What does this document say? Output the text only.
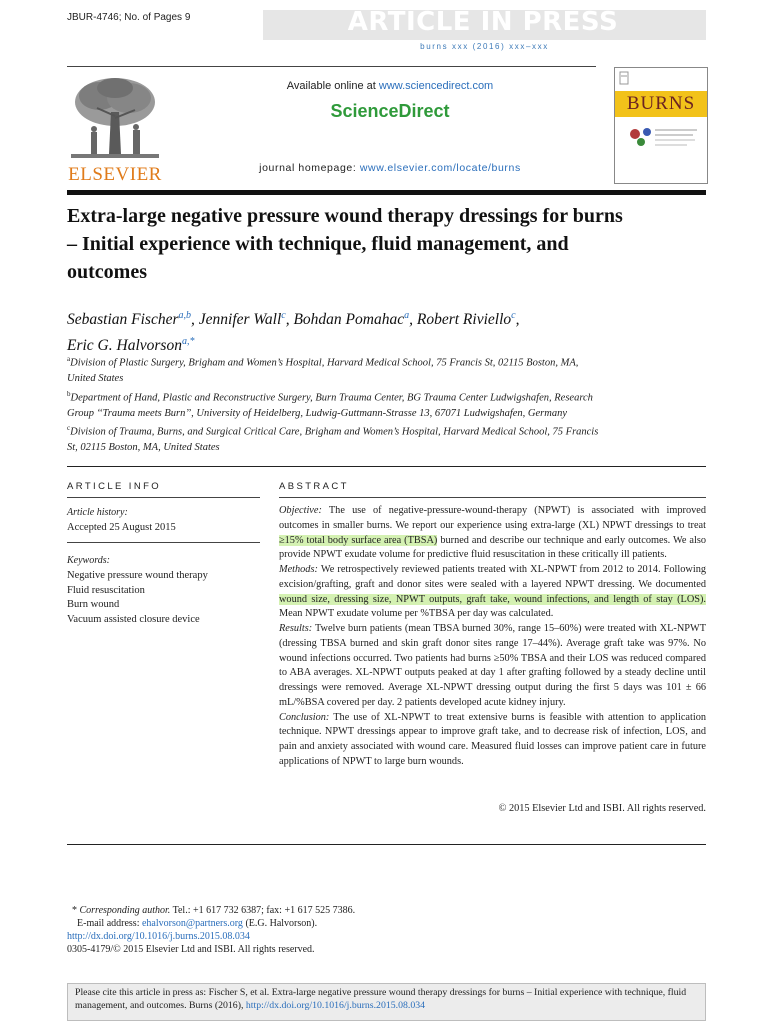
JBUR-4746; No. of Pages 9	ARTICLE IN PRESS
burns xxx (2016) xxx–xxx
ELSEVIER
Available online at www.sciencedirect.com
ScienceDirect
journal homepage: www.elsevier.com/locate/burns
BURNS
Extra-large negative pressure wound therapy dressings for burns – Initial experience with technique, fluid management, and outcomes
Sebastian Fischer$^{a,b}$, Jennifer Wall$^c$, Bohdan Pomahac$^a$, Robert Riviello$^c$,
Eric G. Halvorson$^{a,*}$
$^a$Division of Plastic Surgery, Brigham and Women’s Hospital, Harvard Medical School, 75 Francis St, 02115 Boston, MA, United States
$^b$Department of Hand, Plastic and Reconstructive Surgery, Burn Trauma Center, BG Trauma Center Ludwigshafen, Research Group ‘‘Trauma meets Burn’’, University of Heidelberg, Ludwig-Guttmann-Strasse 13, 67071 Ludwigshafen, Germany
$^c$Division of Trauma, Burns, and Surgical Critical Care, Brigham and Women’s Hospital, Harvard Medical School, 75 Francis St, 02115 Boston, MA, United States
ARTICLE INFO
Article history:
Accepted 25 August 2015
Keywords:
Negative pressure wound therapy
Fluid resuscitation
Burn wound
Vacuum assisted closure device
ABSTRACT

Objective: The use of negative-pressure-wound-therapy (NPWT) is associated with improved outcomes in smaller burns. We report our experience using extra-large (XL) NPWT dressings to treat ≥15% total body surface area (TBSA) burned and describe our technique and early outcomes. We also provide NPWT exudate volume for predictive fluid resuscitation in these critically ill patients.

Methods: We retrospectively reviewed patients treated with XL-NPWT from 2012 to 2014. Following excision/grafting, graft and donor sites were sealed with a layered NPWT dressing. We documented wound size, dressing size, NPWT outputs, graft take, wound infections, and length of stay (LOS). Mean NPWT exudate volume per %TBSA per day was calculated.

Results: Twelve burn patients (mean TBSA burned 30%, range 15–60%) were treated with XL-NPWT (dressing TBSA burned and skin graft donor sites range 17–44%). Average graft take was 97%. No wound infections occurred. Two patients had burns ≥50% TBSA and their LOS was reduced compared to ABA averages. XL-NPWT outputs peaked at day 1 after grafting followed by a steady decline until dressings were removed. Average XL-NPWT dressing output during the first 5 days was 101 ± 66 mL/%BSA covered per day. 2 patients developed acute kidney injury.

Conclusion: The use of XL-NPWT to treat extensive burns is feasible with attention to application technique. NPWT dressings appear to improve graft take, and to decrease risk of infection, LOS, and pain and anxiety associated with wound care. Measured fluid losses can improve patient care in future applications of NPWT to large burn wounds.

© 2015 Elsevier Ltd and ISBI. All rights reserved.
* Corresponding author. Tel.: +1 617 732 6387; fax: +1 617 525 7386.
E-mail address: ehalvorson@partners.org (E.G. Halvorson).
http://dx.doi.org/10.1016/j.burns.2015.08.034
0305-4179/© 2015 Elsevier Ltd and ISBI. All rights reserved.
Please cite this article in press as: Fischer S, et al. Extra-large negative pressure wound therapy dressings for burns – Initial experience with technique, fluid management, and outcomes. Burns (2016), http://dx.doi.org/10.1016/j.burns.2015.08.034
